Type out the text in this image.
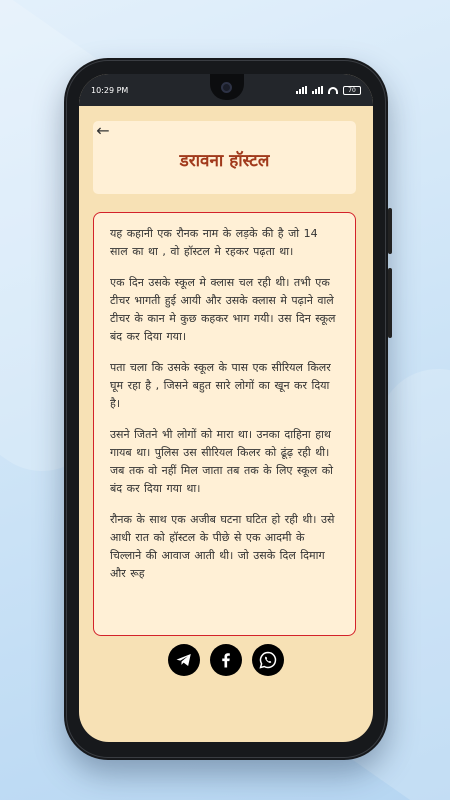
10:29 PM	70
←
डरावना हॉस्टल

यह कहानी एक रौनक नाम के लड़के की है जो 14 साल का था , वो हॉस्टल मे रहकर पढ़ता था।

एक दिन उसके स्कूल मे क्लास चल रही थी। तभी एक टीचर भागती हुई आयी और उसके क्लास मे पढ़ाने वाले टीचर के कान मे कुछ कहकर भाग गयी। उस दिन स्कूल बंद कर दिया गया।

पता चला कि उसके स्कूल के पास एक सीरियल किलर घूम रहा है , जिसने बहुत सारे लोगों का खून कर दिया है।

उसने जितने भी लोगों को मारा था। उनका दाहिना हाथ गायब था। पुलिस उस सीरियल किलर को ढूंढ़ रही थी। जब तक वो नहीं मिल जाता तब तक के लिए स्कूल को बंद कर दिया गया था।

रौनक के साथ एक अजीब घटना घटित हो रही थी। उसे आधी रात को हॉस्टल के पीछे से एक आदमी के चिल्लाने की आवाज आती थी। जो उसके दिल दिमाग और रूह
